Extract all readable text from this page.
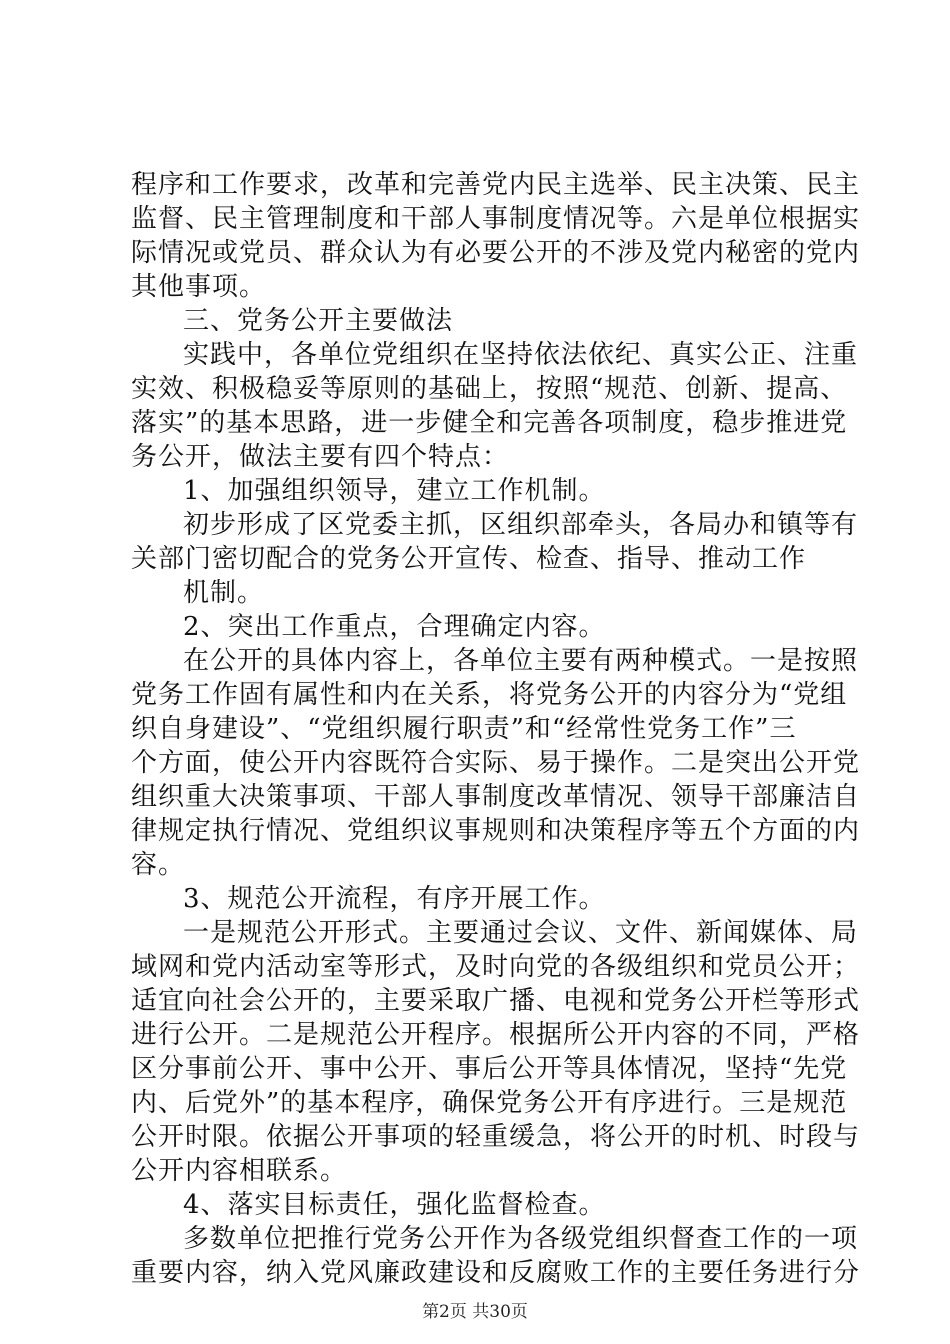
程序和工作要求，改革和完善党内民主选举、民主决策、民主
监督、民主管理制度和干部人事制度情况等。六是单位根据实
际情况或党员、群众认为有必要公开的不涉及党内秘密的党内
其他事项。
三、党务公开主要做法
实践中，各单位党组织在坚持依法依纪、真实公正、注重
实效、积极稳妥等原则的基础上，按照“规范、创新、提高、
落实”的基本思路，进一步健全和完善各项制度，稳步推进党
务公开，做法主要有四个特点：
1、加强组织领导，建立工作机制。
初步形成了区党委主抓，区组织部牵头，各局办和镇等有
关部门密切配合的党务公开宣传、检查、指导、推动工作
机制。
2、突出工作重点，合理确定内容。
在公开的具体内容上，各单位主要有两种模式。一是按照
党务工作固有属性和内在关系，将党务公开的内容分为“党组
织自身建设”、“党组织履行职责”和“经常性党务工作”三
个方面，使公开内容既符合实际、易于操作。二是突出公开党
组织重大决策事项、干部人事制度改革情况、领导干部廉洁自
律规定执行情况、党组织议事规则和决策程序等五个方面的内
容。
3、规范公开流程，有序开展工作。
一是规范公开形式。主要通过会议、文件、新闻媒体、局
域网和党内活动室等形式，及时向党的各级组织和党员公开；
适宜向社会公开的，主要采取广播、电视和党务公开栏等形式
进行公开。二是规范公开程序。根据所公开内容的不同，严格
区分事前公开、事中公开、事后公开等具体情况，坚持“先党
内、后党外”的基本程序，确保党务公开有序进行。三是规范
公开时限。依据公开事项的轻重缓急，将公开的时机、时段与
公开内容相联系。
4、落实目标责任，强化监督检查。
多数单位把推行党务公开作为各级党组织督查工作的一项
重要内容，纳入党风廉政建设和反腐败工作的主要任务进行分
第2页 共30页
